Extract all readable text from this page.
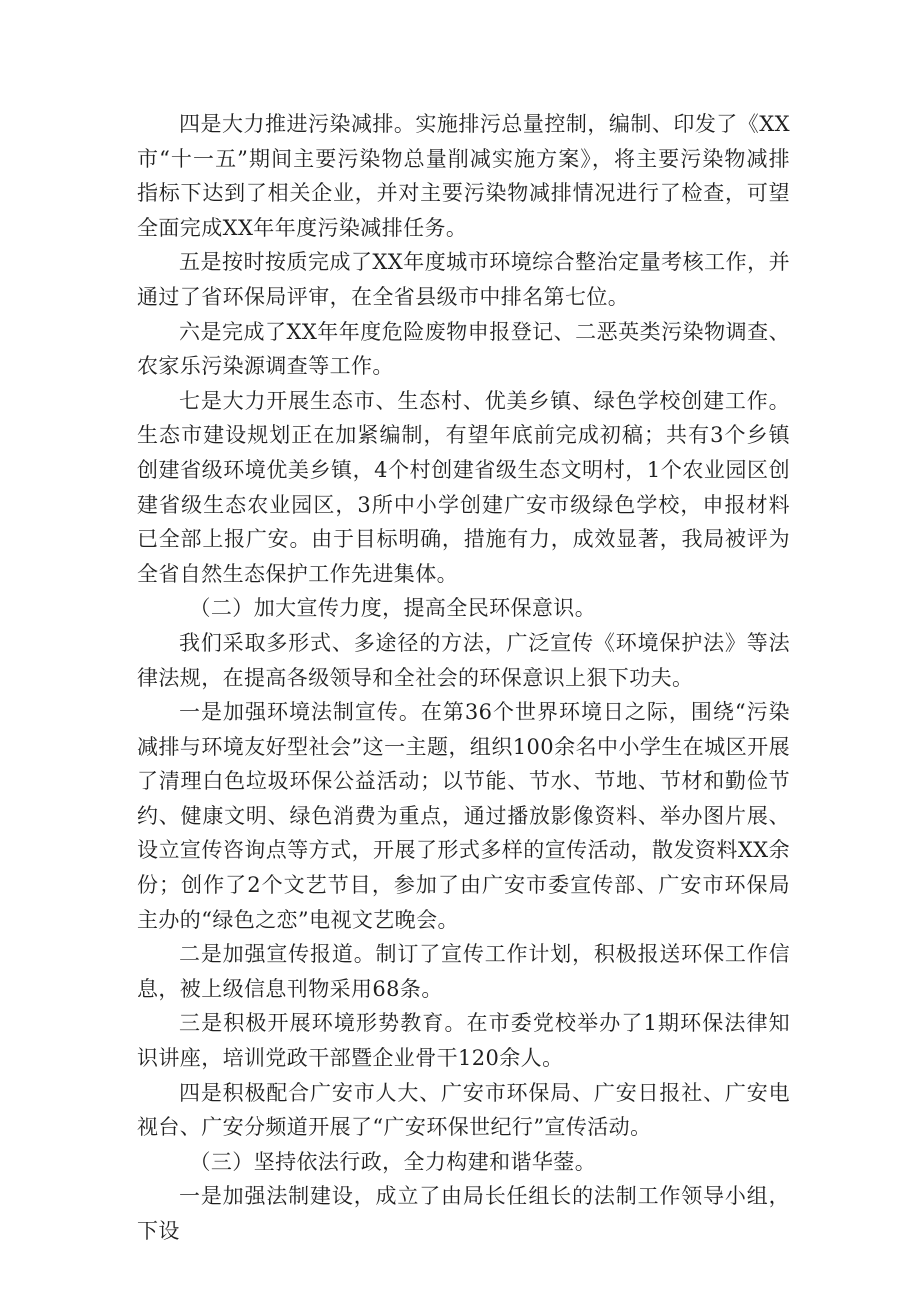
四是大力推进污染减排。实施排污总量控制，编制、印发了《XX市“十一五”期间主要污染物总量削减实施方案》，将主要污染物减排指标下达到了相关企业，并对主要污染物减排情况进行了检查，可望全面完成XX年年度污染减排任务。

五是按时按质完成了XX年度城市环境综合整治定量考核工作，并通过了省环保局评审，在全省县级市中排名第七位。

六是完成了XX年年度危险废物申报登记、二恶英类污染物调查、农家乐污染源调查等工作。

七是大力开展生态市、生态村、优美乡镇、绿色学校创建工作。生态市建设规划正在加紧编制，有望年底前完成初稿；共有3个乡镇创建省级环境优美乡镇，4个村创建省级生态文明村，1个农业园区创建省级生态农业园区，3所中小学创建广安市级绿色学校，申报材料已全部上报广安。由于目标明确，措施有力，成效显著，我局被评为全省自然生态保护工作先进集体。

（二）加大宣传力度，提高全民环保意识。

我们采取多形式、多途径的方法，广泛宣传《环境保护法》等法律法规，在提高各级领导和全社会的环保意识上狠下功夫。

一是加强环境法制宣传。在第36个世界环境日之际，围绕“污染减排与环境友好型社会”这一主题，组织100余名中小学生在城区开展了清理白色垃圾环保公益活动；以节能、节水、节地、节材和勤俭节约、健康文明、绿色消费为重点，通过播放影像资料、举办图片展、设立宣传咨询点等方式，开展了形式多样的宣传活动，散发资料XX余份；创作了2个文艺节目，参加了由广安市委宣传部、广安市环保局主办的“绿色之恋”电视文艺晚会。

二是加强宣传报道。制订了宣传工作计划，积极报送环保工作信息，被上级信息刊物采用68条。

三是积极开展环境形势教育。在市委党校举办了1期环保法律知识讲座，培训党政干部暨企业骨干120余人。

四是积极配合广安市人大、广安市环保局、广安日报社、广安电视台、广安分频道开展了“广安环保世纪行”宣传活动。

（三）坚持依法行政，全力构建和谐华蓥。

一是加强法制建设，成立了由局长任组长的法制工作领导小组，下设
